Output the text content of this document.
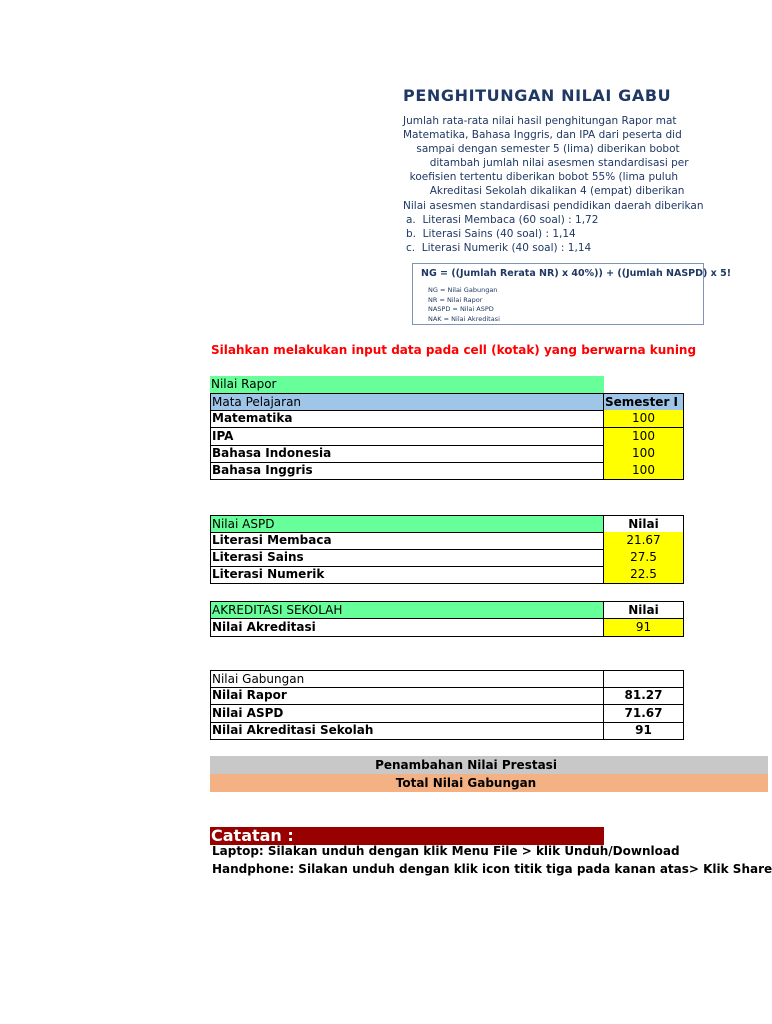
PENGHITUNGAN NILAI GABU
Jumlah rata-rata nilai hasil penghitungan Rapor mat
Matematika, Bahasa Inggris, dan IPA dari peserta did
sampai dengan semester 5 (lima) diberikan bobot
ditambah jumlah nilai asesmen standardisasi per
koefisien tertentu diberikan bobot 55% (lima puluh
Akreditasi Sekolah dikalikan 4 (empat) diberikan
Nilai asesmen standardisasi pendidikan daerah diberikan
a.  Literasi Membaca (60 soal) : 1,72
b.  Literasi Sains (40 soal) : 1,14
c.  Literasi Numerik (40 soal) : 1,14
NG = ((Jumlah Rerata NR) x 40%)) + ((Jumlah NASPD) x 5!
NG = Nilai Gabungan
NR = Nilai Rapor
NASPD = Nilai ASPD
NAK = Nilai Akreditasi
Silahkan melakukan input data pada cell (kotak) yang berwarna kuning
Nilai Rapor
Mata Pelajaran	Semester I
Matematika	100
IPA	100
Bahasa Indonesia	100
Bahasa Inggris	100
Nilai ASPD	Nilai
Literasi Membaca	21.67
Literasi Sains	27.5
Literasi Numerik	22.5
AKREDITASI SEKOLAH	Nilai
Nilai Akreditasi	91
Nilai Gabungan
Nilai Rapor	81.27
Nilai ASPD	71.67
Nilai Akreditasi Sekolah	91
Penambahan Nilai Prestasi
Total Nilai Gabungan
Catatan :
Laptop: Silakan unduh dengan klik Menu File > klik Unduh/Download
Handphone: Silakan unduh dengan klik icon titik tiga pada kanan atas> Klik Share
